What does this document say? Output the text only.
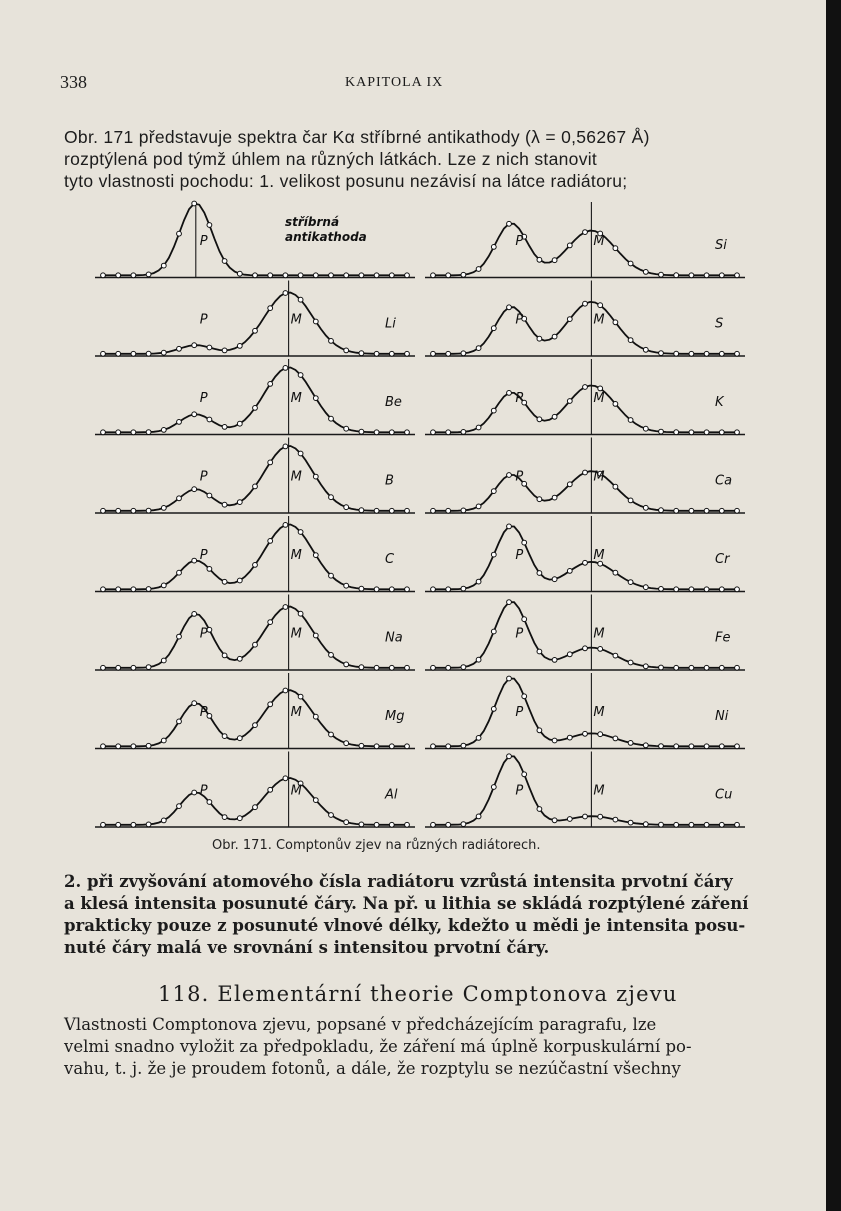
338	KAPITOLA IX
Obr. 171 představuje spektra čar Kα stříbrné antikathody (λ = 0,56267 Å)
rozptýlená pod týmž úhlem na různých látkách. Lze z nich stanovit
tyto vlastnosti pochodu: 1. velikost posunu nezávisí na látce radiátoru;
P
P	M	Li
P	M	Be
P	M	B
P	M	C
P	M	Na
P	M	Mg
P	M	Al
P	M	Si
P	M	S
P	M	K
P	M	Ca
P	M	Cr
P	M	Fe
P	M	Ni
P	M	Cu
stříbrná
antikathoda
Obr. 171. Comptonův zjev na různých radiátorech.
2. při zvyšování atomového čísla radiátoru vzrůstá intensita prvotní čáry
a klesá intensita posunuté čáry. Na př. u lithia se skládá rozptýlené záření
prakticky pouze z posunuté vlnové délky, kdežto u mědi je intensita posu-
nuté čáry malá ve srovnání s intensitou prvotní čáry.
118. Elementární theorie Comptonova zjevu
Vlastnosti Comptonova zjevu, popsané v předcházejícím paragrafu, lze
velmi snadno vyložit za předpokladu, že záření má úplně korpuskulární po-
vahu, t. j. že je proudem fotonů, a dále, že rozptylu se nezúčastní všechny
